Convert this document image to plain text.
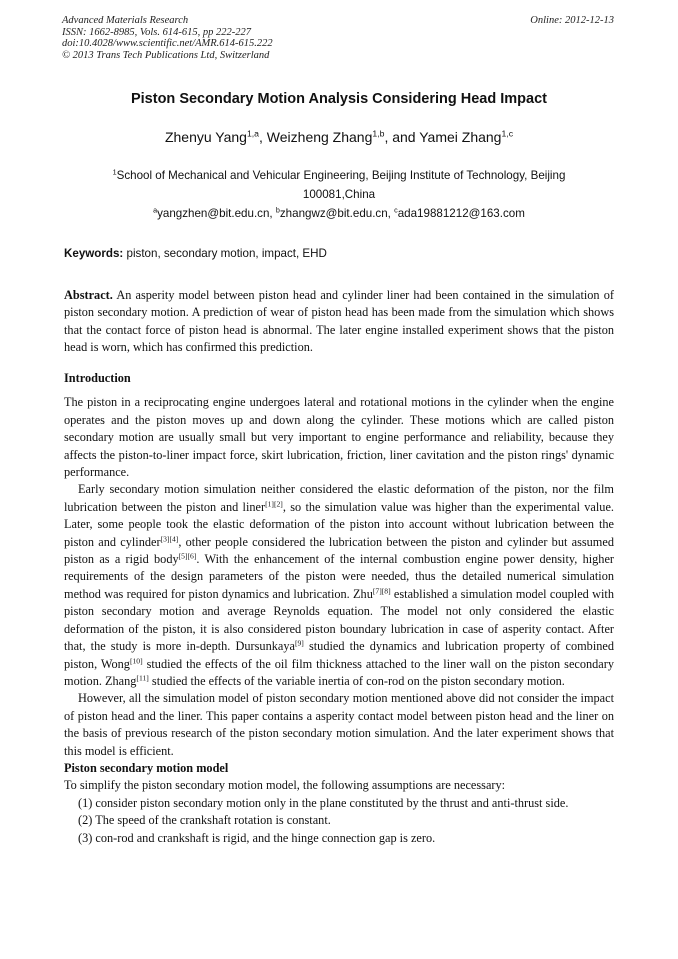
Advanced Materials Research
ISSN: 1662-8985, Vols. 614-615, pp 222-227
doi:10.4028/www.scientific.net/AMR.614-615.222
© 2013 Trans Tech Publications Ltd, Switzerland
Online: 2012-12-13
Piston Secondary Motion Analysis Considering Head Impact
Zhenyu Yang$^{1,a}$, Weizheng Zhang$^{1,b}$, and Yamei Zhang$^{1,c}$
$^1$School of Mechanical and Vehicular Engineering, Beijing Institute of Technology, Beijing 100081,China
$^a$yangzhen@bit.edu.cn, $^b$zhangwz@bit.edu.cn, $^c$ada19881212@163.com
Keywords: piston, secondary motion, impact, EHD

Abstract. An asperity model between piston head and cylinder liner had been contained in the simulation of piston secondary motion. A prediction of wear of piston head has been made from the simulation which shows that the contact force of piston head is abnormal. The later engine installed experiment shows that the piston head is worn, which has confirmed this prediction.

Introduction

The piston in a reciprocating engine undergoes lateral and rotational motions in the cylinder when the engine operates and the piston moves up and down along the cylinder. These motions which are called piston secondary motion are usually small but very important to engine performance and reliability, because they affects the piston-to-liner impact force, skirt lubrication, friction, liner cavitation and the piston rings' dynamic performance.

Early secondary motion simulation neither considered the elastic deformation of the piston, nor the film lubrication between the piston and liner[1][2], so the simulation value was higher than the experimental value. Later, some people took the elastic deformation of the piston into account without lubrication between the piston and cylinder[3][4], other people considered the lubrication between the piston and cylinder but assumed piston as a rigid body[5][6]. With the enhancement of the internal combustion engine power density, higher requirements of the design parameters of the piston were needed, thus the detailed numerical simulation method was required for piston dynamics and lubrication. Zhu[7][8] established a simulation model coupled with piston secondary motion and average Reynolds equation. The model not only considered the elastic deformation of the piston, it is also considered piston boundary lubrication in case of asperity contact. After that, the study is more in-depth. Dursunkaya[9] studied the dynamics and lubrication property of combined piston, Wong[10] studied the effects of the oil film thickness attached to the liner wall on the piston secondary motion. Zhang[11] studied the effects of the variable inertia of con-rod on the piston secondary motion.

However, all the simulation model of piston secondary motion mentioned above did not consider the impact of piston head and the liner. This paper contains a asperity contact model between piston head and the liner on the basis of previous research of the piston secondary motion simulation. And the later experiment shows that this model is efficient.

Piston secondary motion model

To simplify the piston secondary motion model, the following assumptions are necessary:

(1) consider piston secondary motion only in the plane constituted by the thrust and anti-thrust side.

(2) The speed of the crankshaft rotation is constant.

(3) con-rod and crankshaft is rigid, and the hinge connection gap is zero.
